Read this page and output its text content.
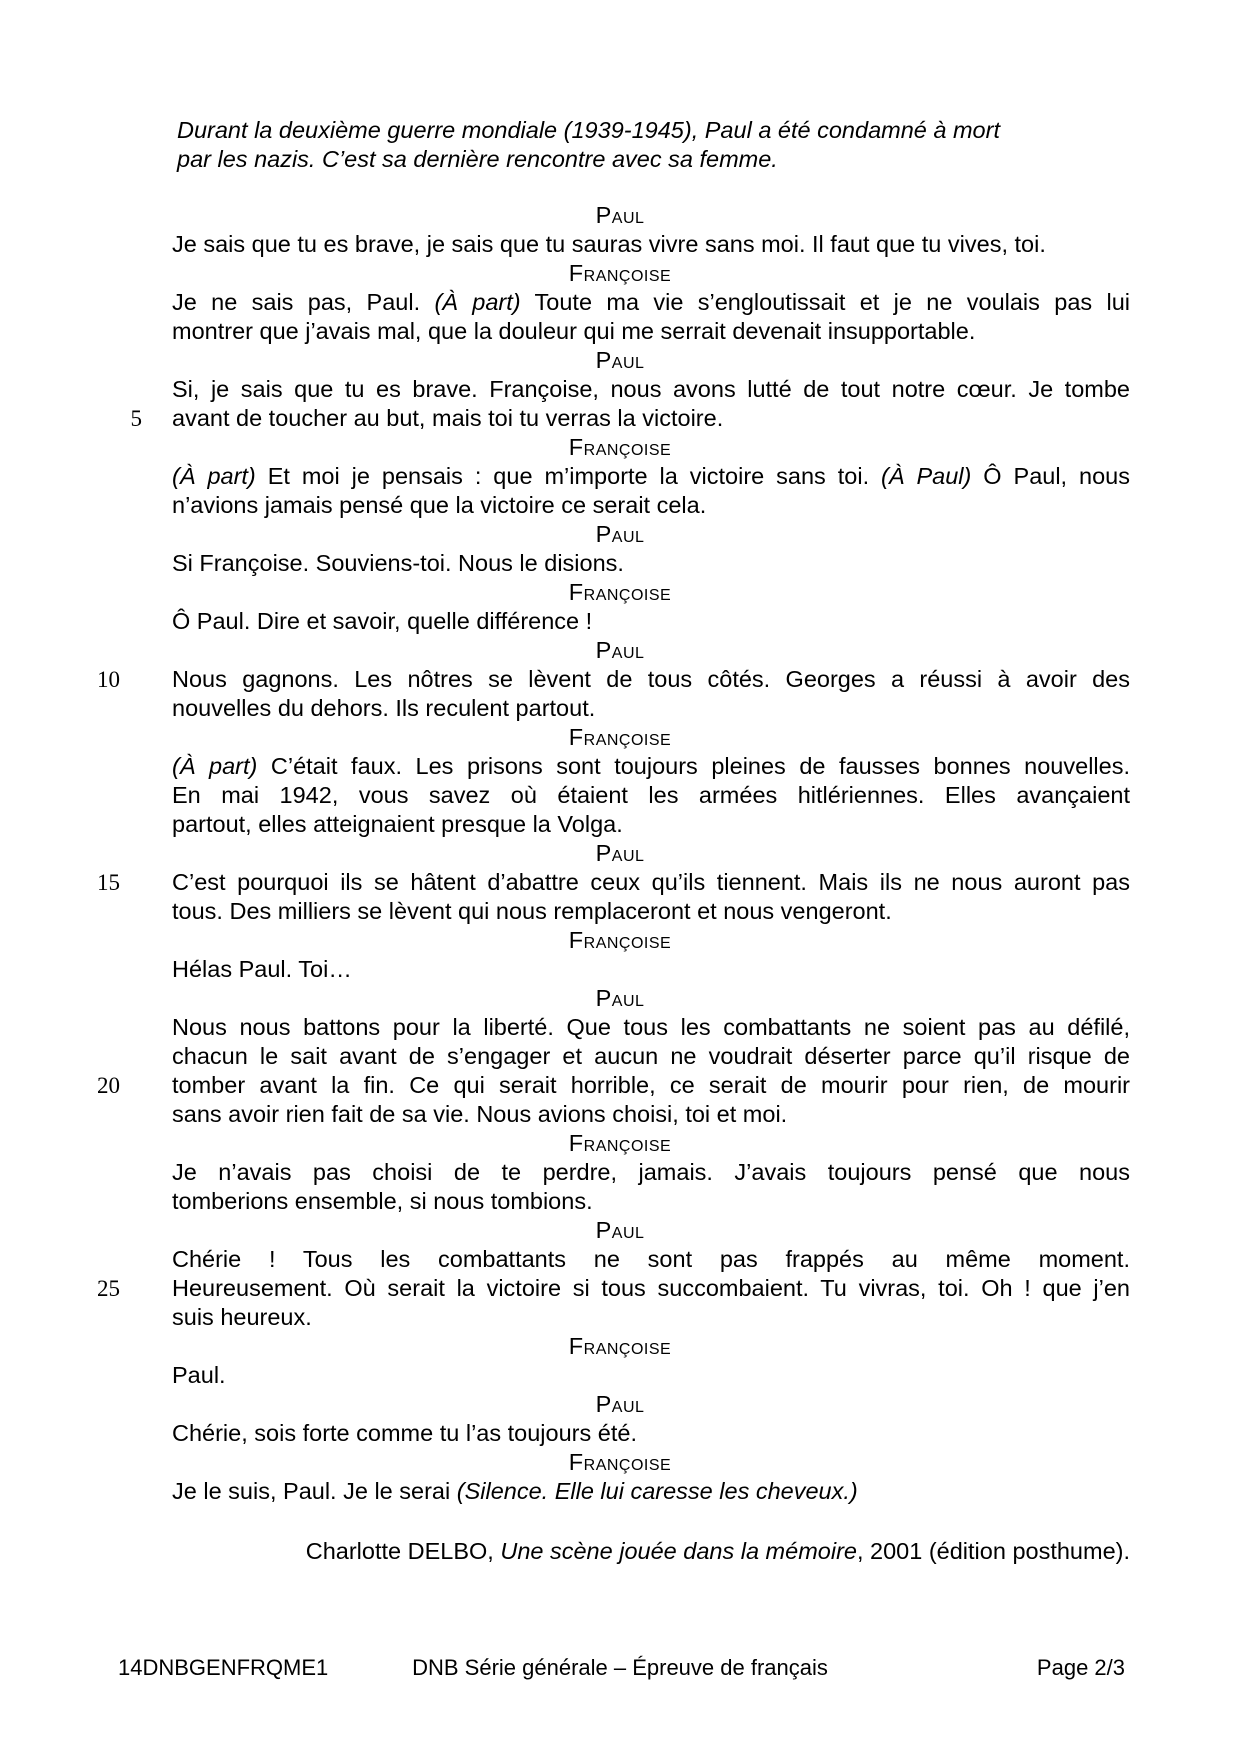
Durant la deuxième guerre mondiale (1939-1945), Paul a été condamné à mort
par les nazis. C’est sa dernière rencontre avec sa femme.
Paul
Je sais que tu es brave, je sais que tu sauras vivre sans moi. Il faut que tu vives, toi.
Françoise
Je ne sais pas, Paul. (À part) Toute ma vie s’engloutissait et je ne voulais pas lui
montrer que j’avais mal, que la douleur qui me serrait devenait insupportable.
Paul
Si, je sais que tu es brave. Françoise, nous avons lutté de tout notre cœur. Je tombe
5 avant de toucher au but, mais toi tu verras la victoire.
Françoise
(À part) Et moi je pensais : que m’importe la victoire sans toi. (À Paul) Ô Paul, nous
n’avions jamais pensé que la victoire ce serait cela.
Paul
Si Françoise. Souviens-toi. Nous le disions.
Françoise
Ô Paul. Dire et savoir, quelle différence !
Paul
10	Nous gagnons. Les nôtres se lèvent de tous côtés. Georges a réussi à avoir des
nouvelles du dehors. Ils reculent partout.
Françoise
(À part) C’était faux. Les prisons sont toujours pleines de fausses bonnes nouvelles.
En mai 1942, vous savez où étaient les armées hitlériennes. Elles avançaient
partout, elles atteignaient presque la Volga.
Paul
15	C’est pourquoi ils se hâtent d’abattre ceux qu’ils tiennent. Mais ils ne nous auront pas
tous. Des milliers se lèvent qui nous remplaceront et nous vengeront.
Françoise
Hélas Paul. Toi…
Paul
Nous nous battons pour la liberté. Que tous les combattants ne soient pas au défilé,
chacun le sait avant de s’engager et aucun ne voudrait déserter parce qu’il risque de
20	tomber avant la fin. Ce qui serait horrible, ce serait de mourir pour rien, de mourir
sans avoir rien fait de sa vie. Nous avions choisi, toi et moi.
Françoise
Je n’avais pas choisi de te perdre, jamais. J’avais toujours pensé que nous
tomberions ensemble, si nous tombions.
Paul
Chérie ! Tous les combattants ne sont pas frappés au même moment.
25	Heureusement. Où serait la victoire si tous succombaient. Tu vivras, toi. Oh ! que j’en
suis heureux.
Françoise
Paul.
Paul
Chérie, sois forte comme tu l’as toujours été.
Françoise
Je le suis, Paul. Je le serai (Silence. Elle lui caresse les cheveux.)
Charlotte DELBO, Une scène jouée dans la mémoire, 2001 (édition posthume).
14DNBGENFRQME1	DNB Série générale – Épreuve de français	Page 2/3
